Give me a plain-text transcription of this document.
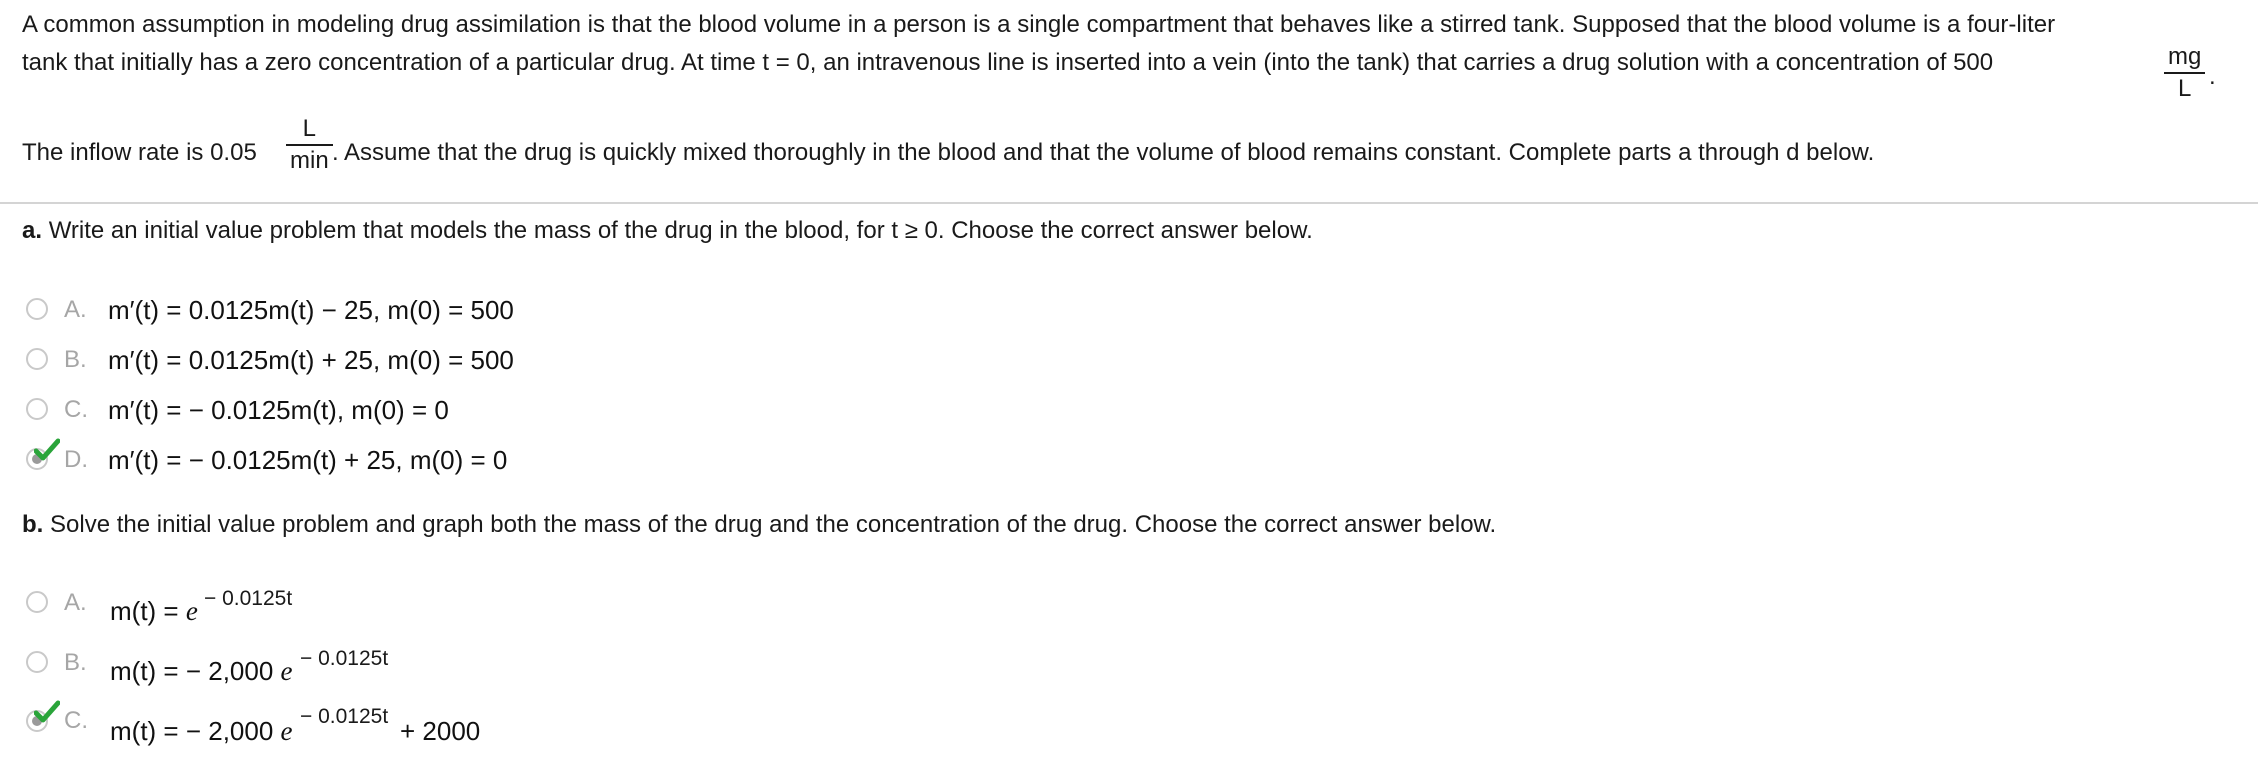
A common assumption in modeling drug assimilation is that the blood volume in a person is a single compartment that behaves like a stirred tank. Supposed that the blood volume is a four-liter
tank that initially has a zero concentration of a particular drug. At time t = 0, an intravenous line is inserted into a vein (into the tank) that carries a drug solution with a concentration of 500	$\frac{mg}{L}$ .
The inflow rate is 0.05
L
min . Assume that the drug is quickly mixed thoroughly in the blood and that the volume of blood remains constant. Complete parts a through d below.
a. Write an initial value problem that models the mass of the drug in the blood, for t ≥ 0. Choose the correct answer below.
A. m′(t) = 0.0125m(t) − 25, m(0) = 500
B. m′(t) = 0.0125m(t) + 25, m(0) = 500
C. m′(t) = − 0.0125m(t), m(0) = 0
D. m′(t) = − 0.0125m(t) + 25, m(0) = 0
b. Solve the initial value problem and graph both the mass of the drug and the concentration of the drug. Choose the correct answer below.
A. m(t) = e − 0.0125t
B. m(t) = − 2,000 e − 0.0125t
C. m(t) = − 2,000 e − 0.0125t + 2000
